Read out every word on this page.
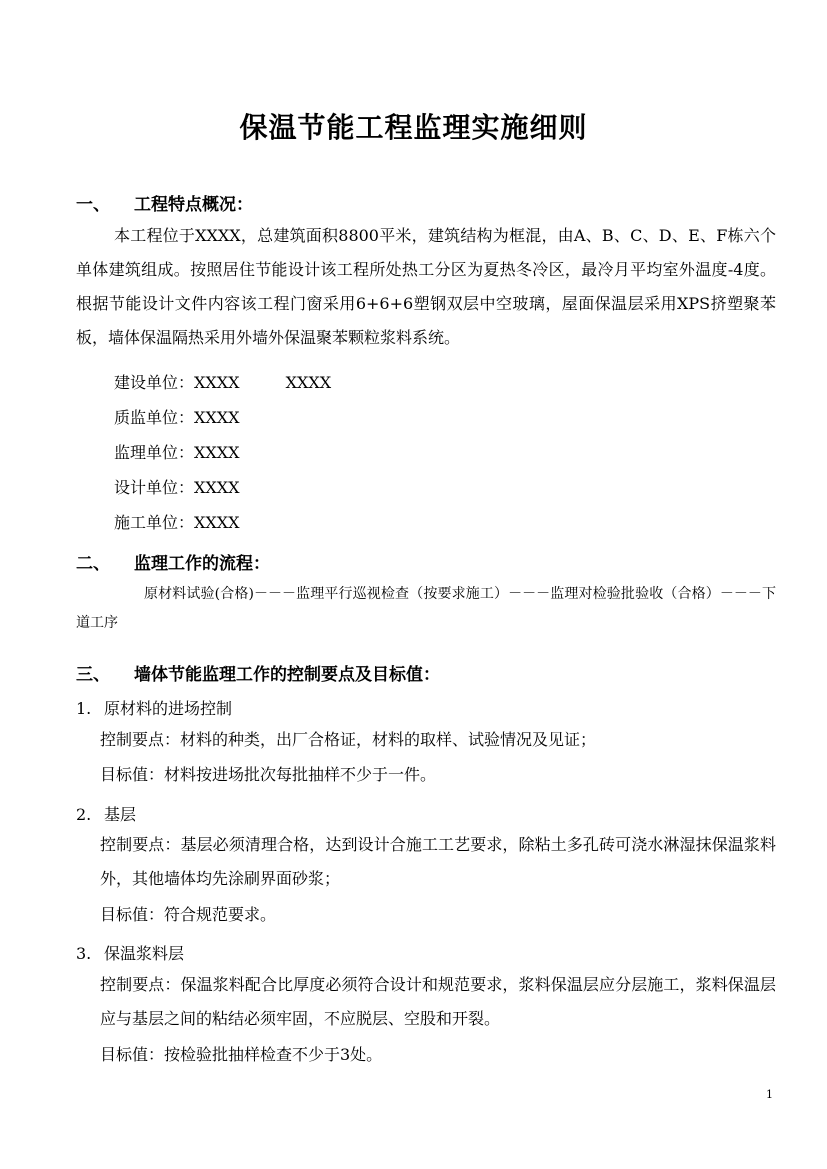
保温节能工程监理实施细则
一、 工程特点概况：
本工程位于XXXX，总建筑面积8800平米，建筑结构为框混，由A、B、C、D、E、F栋六个单体建筑组成。按照居住节能设计该工程所处热工分区为夏热冬冷区，最冷月平均室外温度-4度。根据节能设计文件内容该工程门窗采用6+6+6塑钢双层中空玻璃，屋面保温层采用XPS挤塑聚苯板，墙体保温隔热采用外墙外保温聚苯颗粒浆料系统。
建设单位：XXXX	XXXX
质监单位：XXXX
监理单位：XXXX
设计单位：XXXX
施工单位：XXXX
二、 监理工作的流程：
原材料试验(合格)－－－监理平行巡视检查（按要求施工）－－－监理对检验批验收（合格）－－－下道工序
三、 墙体节能监理工作的控制要点及目标值：
1. 原材料的进场控制
控制要点：材料的种类，出厂合格证，材料的取样、试验情况及见证；
目标值：材料按进场批次每批抽样不少于一件。
2. 基层
控制要点：基层必须清理合格，达到设计合施工工艺要求，除粘土多孔砖可浇水淋湿抹保温浆料外，其他墙体均先涂刷界面砂浆；
目标值：符合规范要求。
3. 保温浆料层
控制要点：保温浆料配合比厚度必须符合设计和规范要求，浆料保温层应分层施工，浆料保温层应与基层之间的粘结必须牢固，不应脱层、空股和开裂。
目标值：按检验批抽样检查不少于3处。
1
